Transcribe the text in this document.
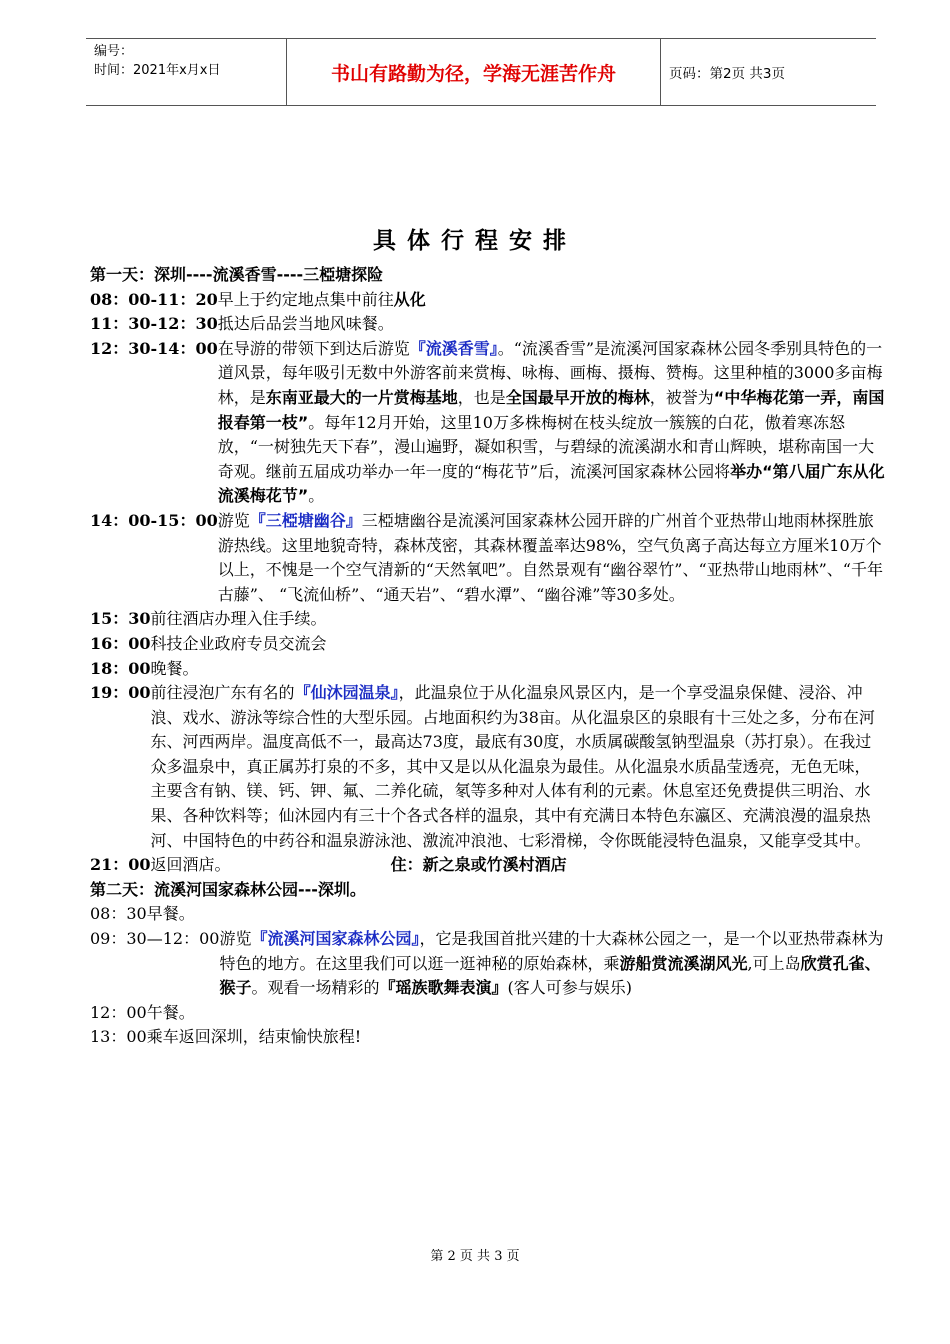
编号：
时间：2021年x月x日	书山有路勤为径，学海无涯苦作舟	页码：第2页 共3页
具体行程安排
第一天：深圳----流溪香雪----三椏塘探险
08：00-11：20 早上于约定地点集中前往从化
11：30-12：30 抵达后品尝当地风味餐。
12：30-14：00 在导游的带领下到达后游览『流溪香雪』。“流溪香雪”是流溪河国家森林公园冬季别具特色的一道风景，每年吸引无数中外游客前来赏梅、咏梅、画梅、摄梅、赞梅。这里种植的3000多亩梅林，是东南亚最大的一片赏梅基地，也是全国最早开放的梅林，被誉为“中华梅花第一弄，南国报春第一枝”。每年12月开始，这里10万多株梅树在枝头绽放一簇簇的白花，傲着寒冻怒放，“一树独先天下春”，漫山遍野，凝如积雪，与碧绿的流溪湖水和青山辉映，堪称南国一大奇观。继前五届成功举办一年一度的“梅花节”后，流溪河国家森林公园将举办“第八届广东从化流溪梅花节”。
14：00-15：00 游览『三椏塘幽谷』三椏塘幽谷是流溪河国家森林公园开辟的广州首个亚热带山地雨林探胜旅游热线。这里地貌奇特，森林茂密，其森林覆盖率达98%，空气负离子高达每立方厘米10万个以上，不愧是一个空气清新的“天然氧吧”。自然景观有“幽谷翠竹”、“亚热带山地雨林”、“千年古藤”、 “飞流仙桥”、“通天岩”、“碧水潭”、“幽谷滩”等30多处。
15：30 前往酒店办理入住手续。
16：00 科技企业政府专员交流会
18：00 晚餐。
19：00 前往浸泡广东有名的『仙沐园温泉』，此温泉位于从化温泉风景区内，是一个享受温泉保健、浸浴、冲浪、戏水、游泳等综合性的大型乐园。占地面积约为38亩。从化温泉区的泉眼有十三处之多，分布在河东、河西两岸。温度高低不一，最高达73度，最底有30度，水质属碳酸氢钠型温泉（苏打泉）。在我过众多温泉中，真正属苏打泉的不多，其中又是以从化温泉为最佳。从化温泉水质晶莹透亮，无色无味，主要含有钠、镁、钙、钾、氟、二养化硫，氡等多种对人体有利的元素。休息室还免费提供三明治、水果、各种饮料等；仙沐园内有三十个各式各样的温泉，其中有充满日本特色东瀛区、充满浪漫的温泉热河、中国特色的中药谷和温泉游泳池、激流冲浪池、七彩滑梯，令你既能浸特色温泉，又能享受其中。
21：00 返回酒店。	住：新之泉或竹溪村酒店
第二天：流溪河国家森林公园---深圳。
08：30 早餐。
09：30—12：00 游览『流溪河国家森林公园』，它是我国首批兴建的十大森林公园之一，是一个以亚热带森林为特色的地方。在这里我们可以逛一逛神秘的原始森林，乘游船赏流溪湖风光,可上岛欣赏孔雀、猴子。观看一场精彩的『瑶族歌舞表演』(客人可参与娱乐)
12：00 午餐。
13：00 乘车返回深圳，结束愉快旅程!
第 2 页 共 3 页
